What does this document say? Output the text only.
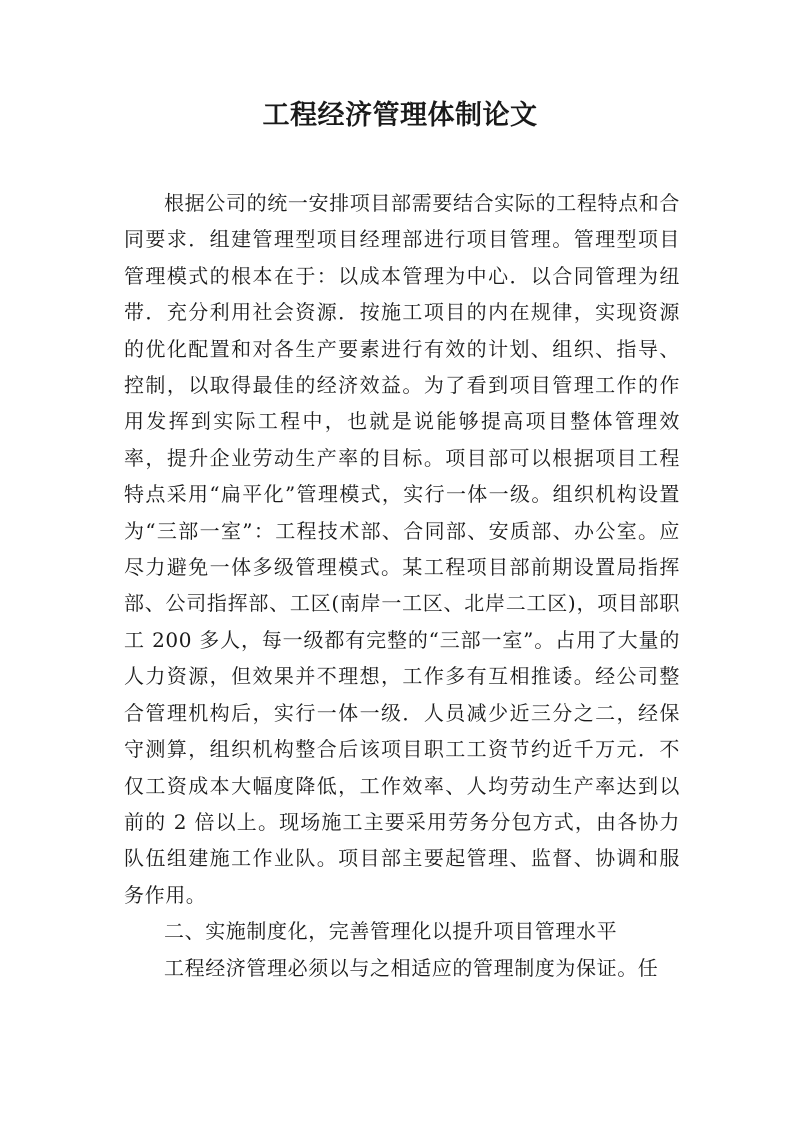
工程经济管理体制论文

根据公司的统一安排项目部需要结合实际的工程特点和合同要求．组建管理型项目经理部进行项目管理。管理型项目管理模式的根本在于：以成本管理为中心．以合同管理为纽带．充分利用社会资源．按施工项目的内在规律，实现资源的优化配置和对各生产要素进行有效的计划、组织、指导、控制，以取得最佳的经济效益。为了看到项目管理工作的作用发挥到实际工程中，也就是说能够提高项目整体管理效率，提升企业劳动生产率的目标。项目部可以根据项目工程特点采用“扁平化”管理模式，实行一体一级。组织机构设置为“三部一室”：工程技术部、合同部、安质部、办公室。应尽力避免一体多级管理模式。某工程项目部前期设置局指挥部、公司指挥部、工区(南岸一工区、北岸二工区)，项目部职工 200 多人，每一级都有完整的“三部一室”。占用了大量的人力资源，但效果并不理想，工作多有互相推诿。经公司整合管理机构后，实行一体一级．人员减少近三分之二，经保守测算，组织机构整合后该项目职工工资节约近千万元．不仅工资成本大幅度降低，工作效率、人均劳动生产率达到以前的 2 倍以上。现场施工主要采用劳务分包方式，由各协力队伍组建施工作业队。项目部主要起管理、监督、协调和服务作用。

二、实施制度化，完善管理化以提升项目管理水平

工程经济管理必须以与之相适应的管理制度为保证。任
